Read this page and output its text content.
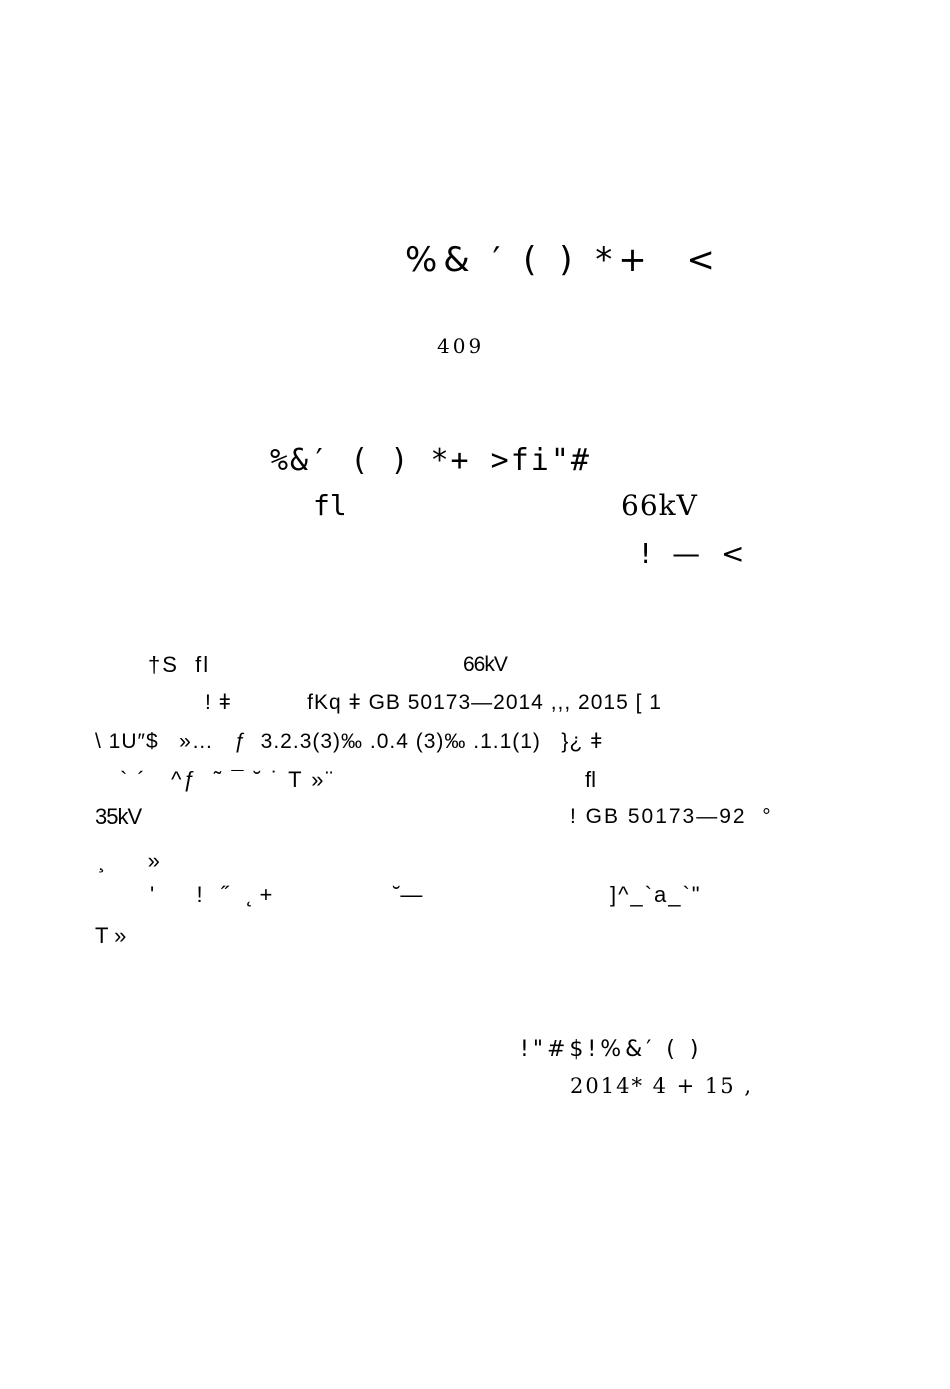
%& ′ ( ) *+  <
409
%&′ ( ) *+ >fi"#
fl	66kV
! — <
†S  fl	66kV
! ǂ           fKq ǂ GB 50173—2014 ,,, 2015 [ 1
\ 1U″$   »…   ƒ  3.2.3(3)‰ .0.4 (3)‰ .1.1(1)   }¿ ǂ
` ´   ^ƒ  ˜ ¯ ˘ ˙ T »¨	fl
35kV	! GB 50173—92  °
¸   »
'   ! ˝ ˛+	˘—	]^_`a_`"
T »
!"#$!%&′ ( )
2014* 4 + 15 ,
